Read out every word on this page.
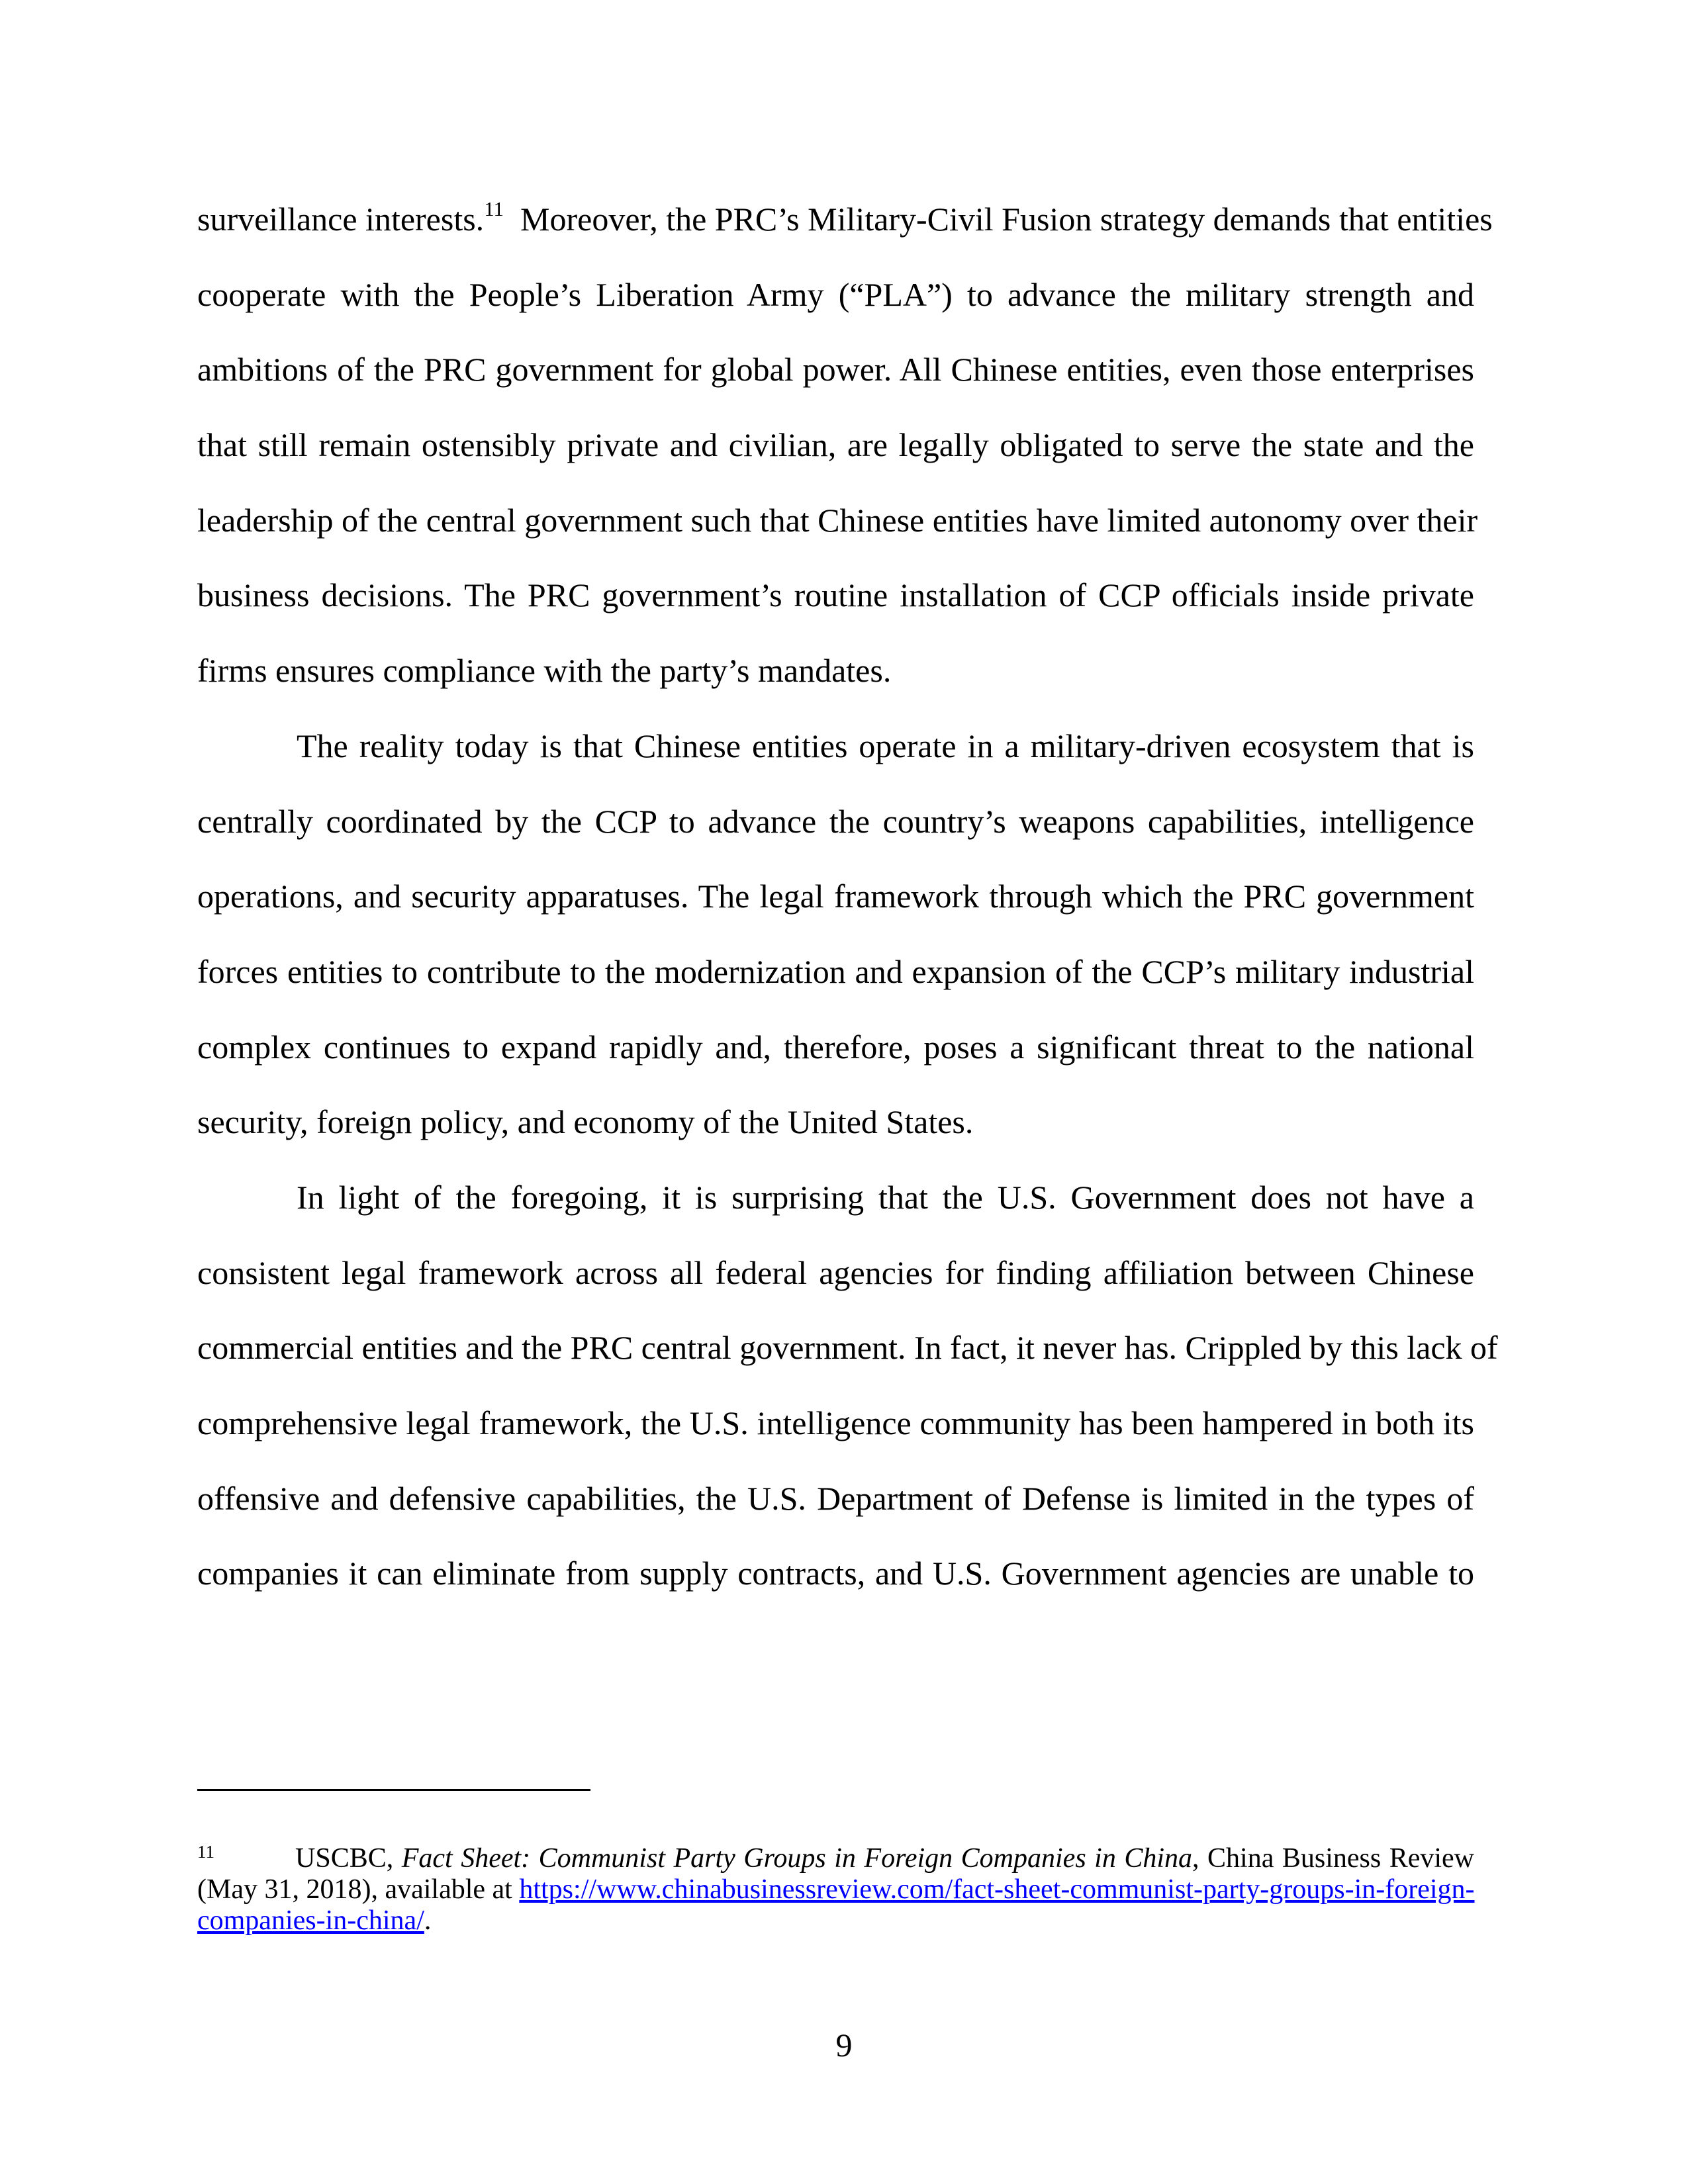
surveillance interests.$^{11}$ Moreover, the PRC’s Military-Civil Fusion strategy demands that entities
cooperate with the People’s Liberation Army (“PLA”) to advance the military strength and
ambitions of the PRC government for global power. All Chinese entities, even those enterprises
that still remain ostensibly private and civilian, are legally obligated to serve the state and the
leadership of the central government such that Chinese entities have limited autonomy over their
business decisions. The PRC government’s routine installation of CCP officials inside private
firms ensures compliance with the party’s mandates.
The reality today is that Chinese entities operate in a military-driven ecosystem that is
centrally coordinated by the CCP to advance the country’s weapons capabilities, intelligence
operations, and security apparatuses. The legal framework through which the PRC government
forces entities to contribute to the modernization and expansion of the CCP’s military industrial
complex continues to expand rapidly and, therefore, poses a significant threat to the national
security, foreign policy, and economy of the United States.
In light of the foregoing, it is surprising that the U.S. Government does not have a
consistent legal framework across all federal agencies for finding affiliation between Chinese
commercial entities and the PRC central government. In fact, it never has. Crippled by this lack of
comprehensive legal framework, the U.S. intelligence community has been hampered in both its
offensive and defensive capabilities, the U.S. Department of Defense is limited in the types of
companies it can eliminate from supply contracts, and U.S. Government agencies are unable to
11	USCBC, Fact Sheet: Communist Party Groups in Foreign Companies in China, China Business Review
(May 31, 2018), available at https://www.chinabusinessreview.com/fact-sheet-communist-party-groups-in-foreign-
companies-in-china/.
9
